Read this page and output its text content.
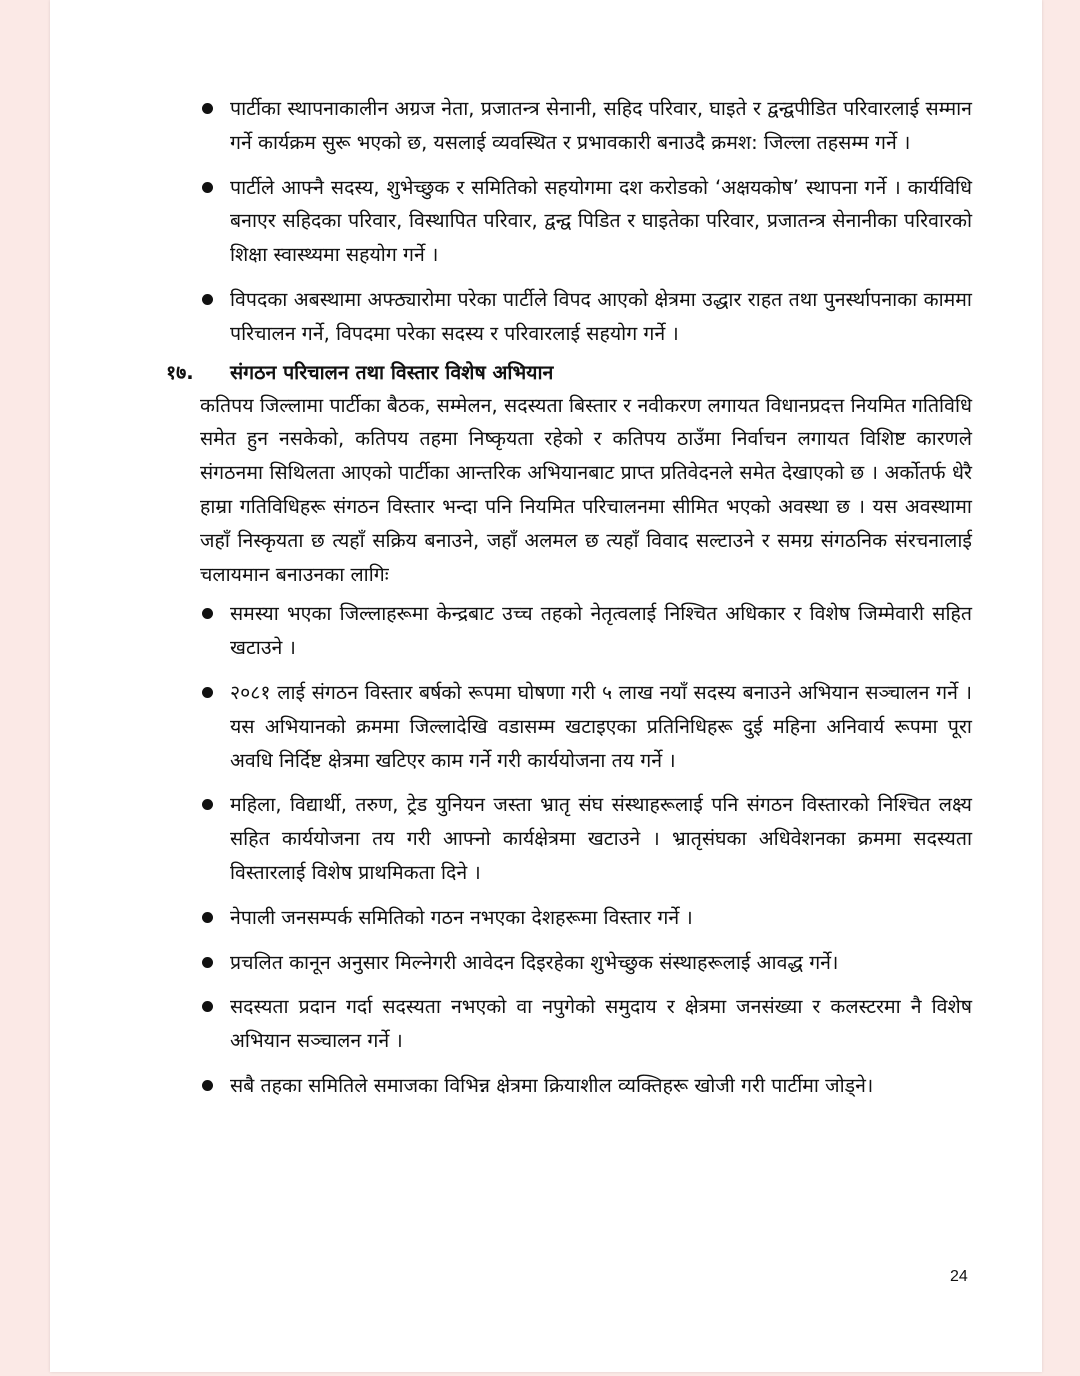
पार्टीका स्थापनाकालीन अग्रज नेता, प्रजातन्त्र सेनानी, सहिद परिवार, घाइते र द्वन्द्वपीडित परिवारलाई सम्मान गर्ने कार्यक्रम सुरू भएको छ, यसलाई व्यवस्थित र प्रभावकारी बनाउदै क्रमश: जिल्ला तहसम्म गर्ने ।
पार्टीले आफ्नै सदस्य, शुभेच्छुक र समितिको सहयोगमा दश करोडको ‘अक्षयकोष’ स्थापना गर्ने । कार्यविधि बनाएर सहिदका परिवार, विस्थापित परिवार, द्वन्द्व पिडित र घाइतेका परिवार, प्रजातन्त्र सेनानीका परिवारको शिक्षा स्वास्थ्यमा सहयोग गर्ने ।
विपदका अबस्थामा अफ्ठ्यारोमा परेका पार्टीले विपद आएको क्षेत्रमा उद्धार राहत तथा पुनर्स्थापनाका काममा परिचालन गर्ने, विपदमा परेका सदस्य र परिवारलाई सहयोग गर्ने ।
१७. संगठन परिचालन तथा विस्तार विशेष अभियान

कतिपय जिल्लामा पार्टीका बैठक, सम्मेलन, सदस्यता बिस्तार र नवीकरण लगायत विधानप्रदत्त नियमित गतिविधि समेत हुन नसकेको, कतिपय तहमा निष्कृयता रहेको र कतिपय ठाउँमा निर्वाचन लगायत विशिष्ट कारणले संगठनमा सिथिलता आएको पार्टीका आन्तरिक अभियानबाट प्राप्त प्रतिवेदनले समेत देखाएको छ । अर्कोतर्फ धेरै हाम्रा गतिविधिहरू संगठन विस्तार भन्दा पनि नियमित परिचालनमा सीमित भएको अवस्था छ । यस अवस्थामा जहाँ निस्कृयता छ त्यहाँ सक्रिय बनाउने, जहाँ अलमल छ त्यहाँ विवाद सल्टाउने र समग्र संगठनिक संरचनालाई चलायमान बनाउनका लागिः

समस्या भएका जिल्लाहरूमा केन्द्रबाट उच्च तहको नेतृत्वलाई निश्चित अधिकार र विशेष जिम्मेवारी सहित खटाउने ।
२०८१ लाई संगठन विस्तार बर्षको रूपमा घोषणा गरी ५ लाख नयाँ सदस्य बनाउने अभियान सञ्चालन गर्ने । यस अभियानको क्रममा जिल्लादेखि वडासम्म खटाइएका प्रतिनिधिहरू दुई महिना अनिवार्य रूपमा पूरा अवधि निर्दिष्ट क्षेत्रमा खटिएर काम गर्ने गरी कार्ययोजना तय गर्ने ।
महिला, विद्यार्थी, तरुण, ट्रेड युनियन जस्ता भ्रातृ संघ संस्थाहरूलाई पनि संगठन विस्तारको निश्चित लक्ष्य सहित कार्ययोजना तय गरी आफ्नो कार्यक्षेत्रमा खटाउने । भ्रातृसंघका अधिवेशनका क्रममा सदस्यता विस्तारलाई विशेष प्राथमिकता दिने ।
नेपाली जनसम्पर्क समितिको गठन नभएका देशहरूमा विस्तार गर्ने ।
प्रचलित कानून अनुसार मिल्नेगरी आवेदन दिइरहेका शुभेच्छुक संस्थाहरूलाई आवद्ध गर्ने।
सदस्यता प्रदान गर्दा सदस्यता नभएको वा नपुगेको समुदाय र क्षेत्रमा जनसंख्या र कलस्टरमा नै विशेष अभियान सञ्चालन गर्ने ।
सबै तहका समितिले समाजका विभिन्न क्षेत्रमा क्रियाशील व्यक्तिहरू खोजी गरी पार्टीमा जोड्ने।
24
